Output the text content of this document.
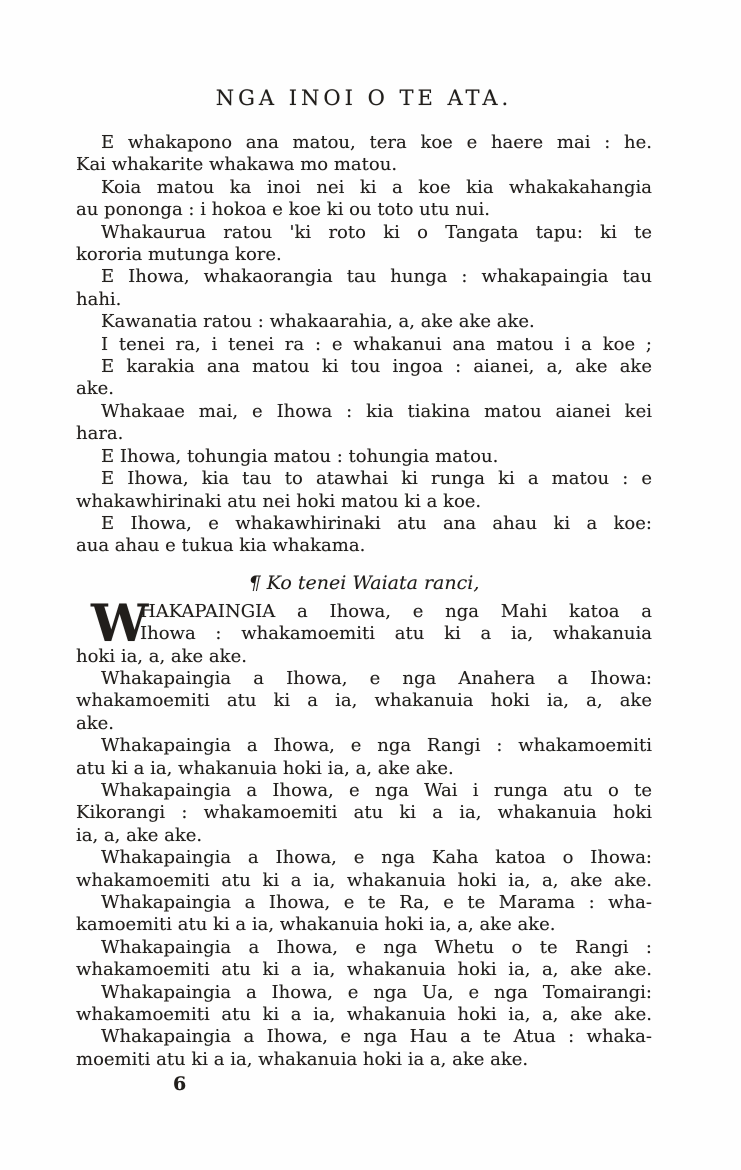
NGA INOI O TE ATA.
E whakapono ana matou, tera koe e haere mai : he.
Kai whakarite whakawa mo matou.
Koia matou ka inoi nei ki a koe kia whakakahangia
au pononga : i hokoa e koe ki ou toto utu nui.
Whakaurua ratou 'ki roto ki o Tangata tapu: ki te
kororia mutunga kore.
E Ihowa, whakaorangia tau hunga : whakapaingia tau
hahi.
Kawanatia ratou : whakaarahia, a, ake ake ake.
I tenei ra, i tenei ra : e whakanui ana matou i a koe ;
E karakia ana matou ki tou ingoa : aianei, a, ake ake
ake.
Whakaae mai, e Ihowa : kia tiakina matou aianei kei
hara.
E Ihowa, tohungia matou : tohungia matou.
E Ihowa, kia tau to atawhai ki runga ki a matou : e
whakawhirinaki atu nei hoki matou ki a koe.
E Ihowa, e whakawhirinaki atu ana ahau ki a koe:
aua ahau e tukua kia whakama.
¶ Ko tenei Waiata ranci,
W
HAKAPAINGIA a Ihowa, e nga Mahi katoa a
Ihowa : whakamoemiti atu ki a ia, whakanuia
hoki ia, a, ake ake.
Whakapaingia a Ihowa, e nga Anahera a Ihowa:
whakamoemiti atu ki a ia, whakanuia hoki ia, a, ake
ake.
Whakapaingia a Ihowa, e nga Rangi : whakamoemiti
atu ki a ia, whakanuia hoki ia, a, ake ake.
Whakapaingia a Ihowa, e nga Wai i runga atu o te
Kikorangi : whakamoemiti atu ki a ia, whakanuia hoki
ia, a, ake ake.
Whakapaingia a Ihowa, e nga Kaha katoa o Ihowa:
whakamoemiti atu ki a ia, whakanuia hoki ia, a, ake ake.
Whakapaingia a Ihowa, e te Ra, e te Marama : wha-
kamoemiti atu ki a ia, whakanuia hoki ia, a, ake ake.
Whakapaingia a Ihowa, e nga Whetu o te Rangi :
whakamoemiti atu ki a ia, whakanuia hoki ia, a, ake ake.
Whakapaingia a Ihowa, e nga Ua, e nga Tomairangi:
whakamoemiti atu ki a ia, whakanuia hoki ia, a, ake ake.
Whakapaingia a Ihowa, e nga Hau a te Atua : whaka-
moemiti atu ki a ia, whakanuia hoki ia a, ake ake.
6
